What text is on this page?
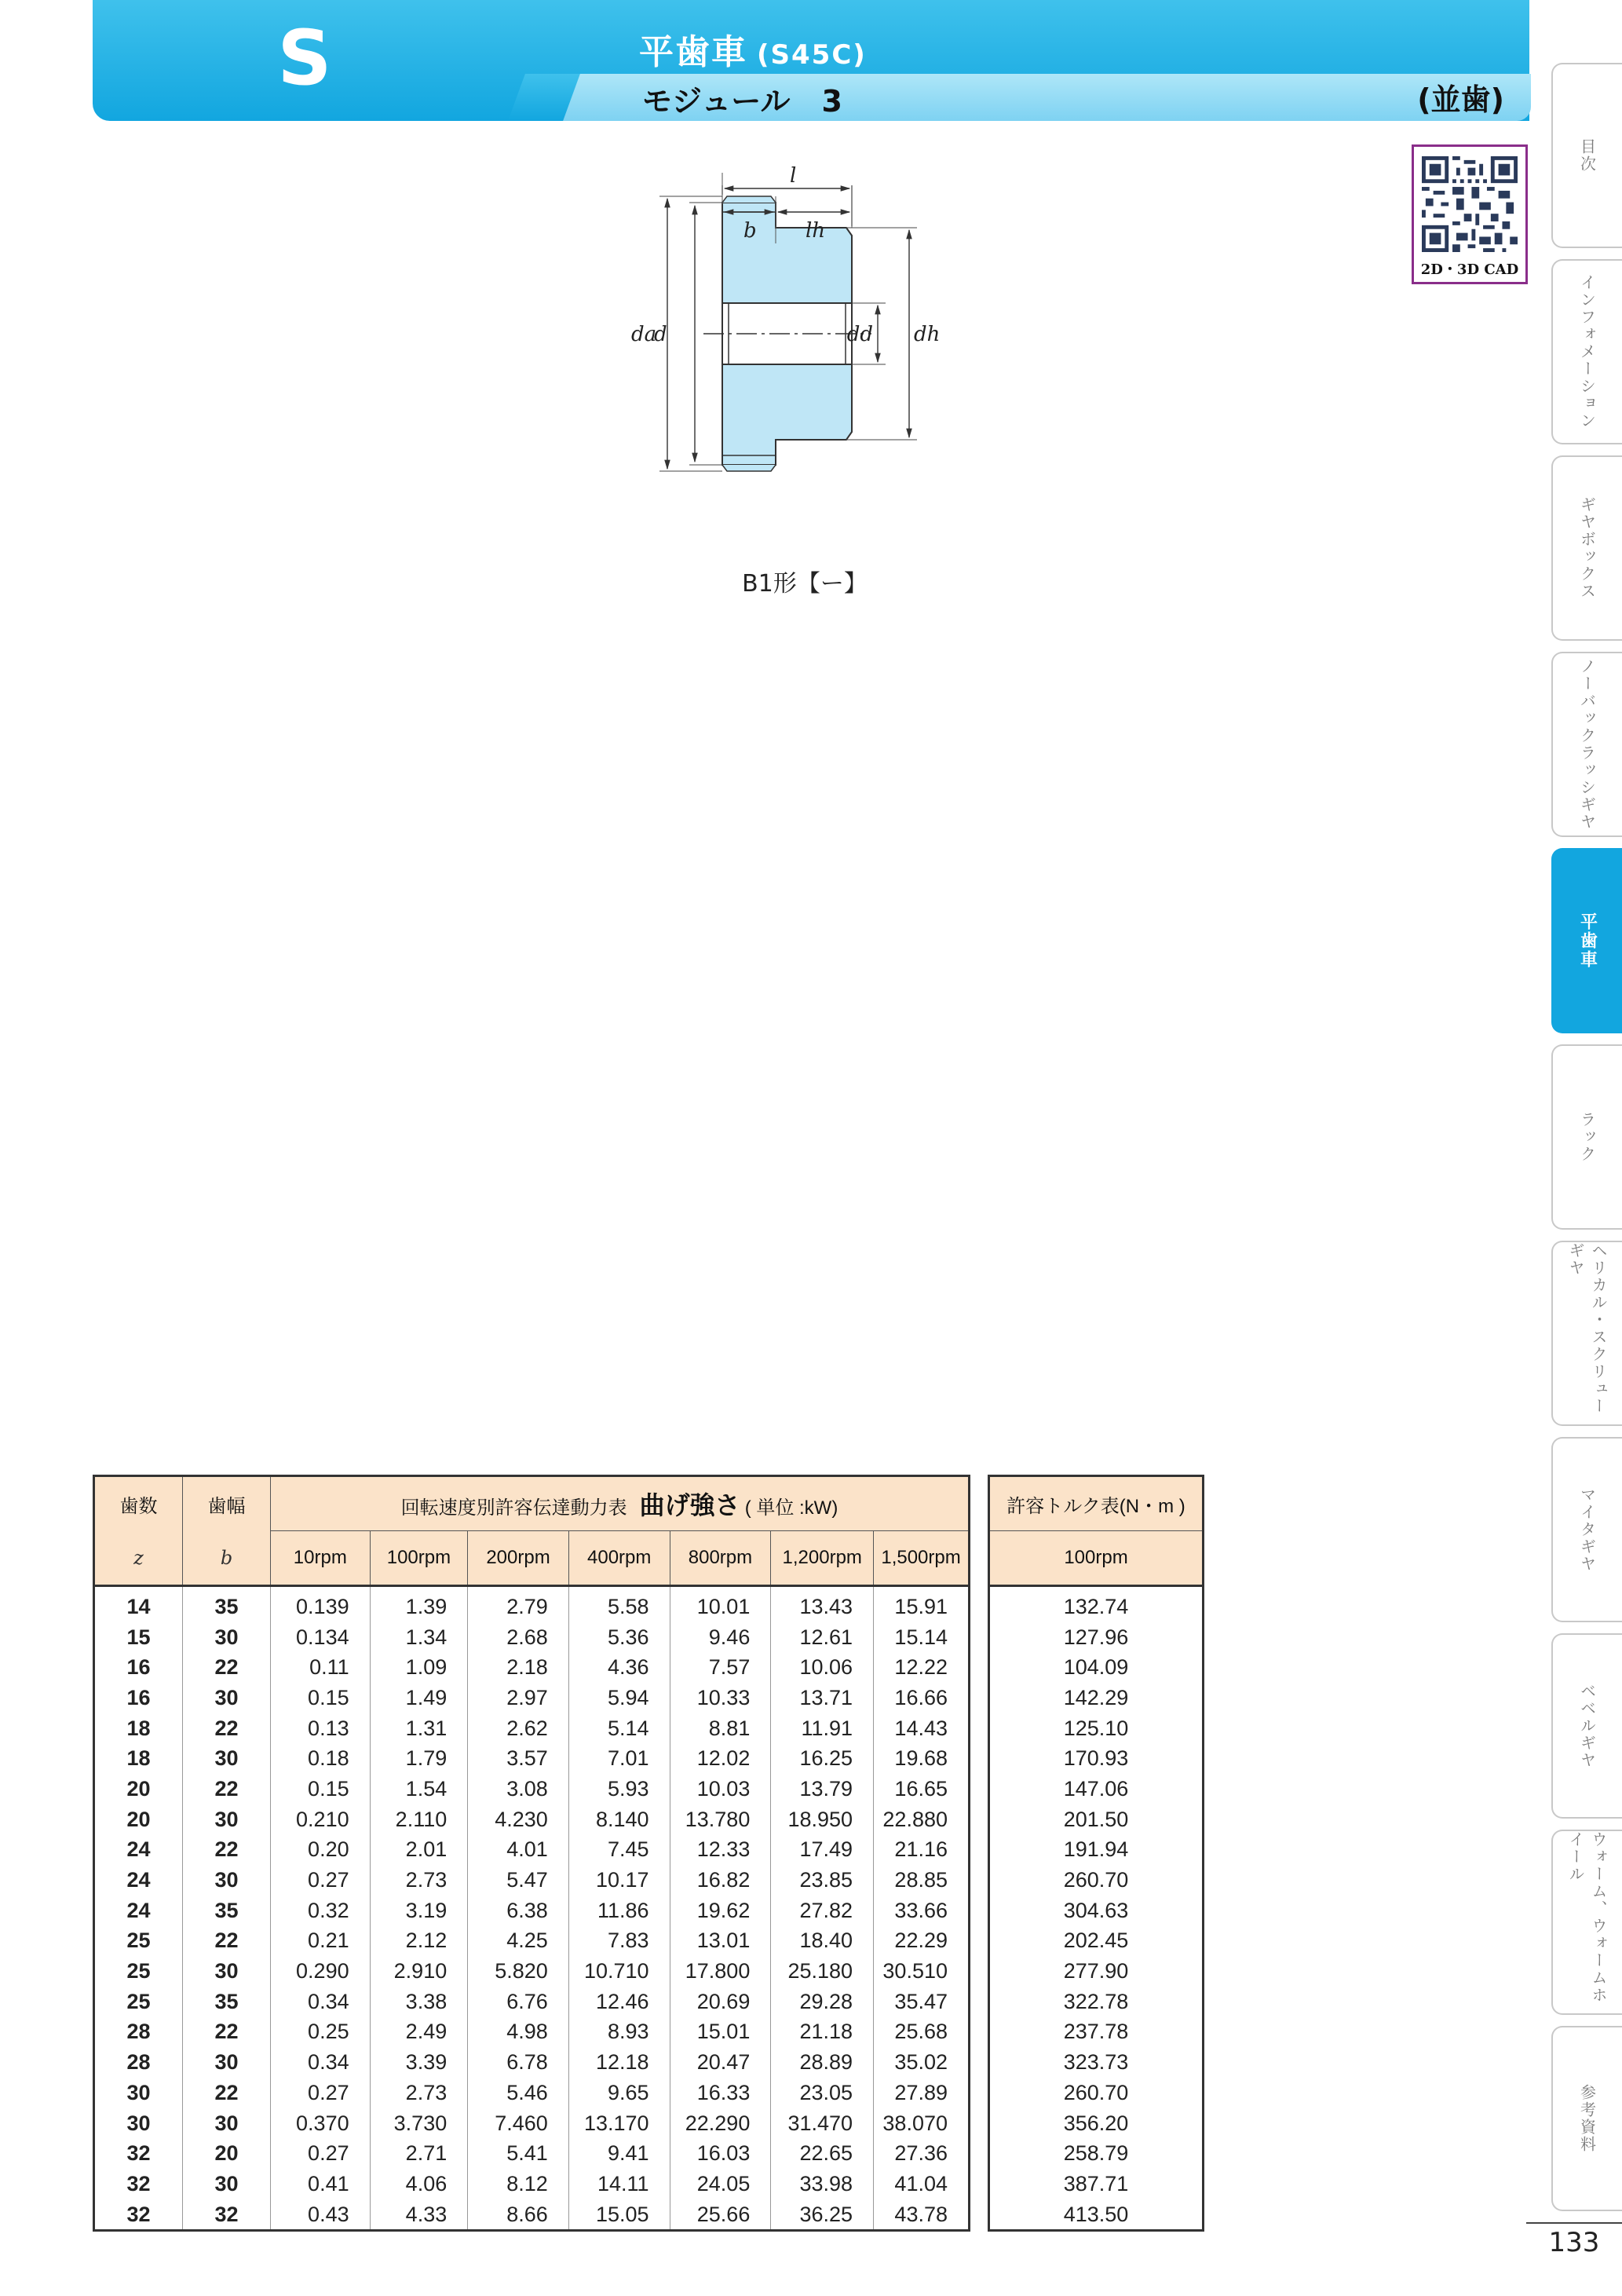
S	平歯車 (S45C)
モジュール 3	(並歯)
2D・3D CAD
l
b lh
da
d	dd dh
B1形【ー】
目次
インフォメーション
ギヤボックス
ノーバックラッシギヤ
平歯車
ラック
ヘリカル・スクリューギヤ
マイタギヤ
ベベルギヤ
ウォーム、ウォームホイール
参考資料
133
歯数	歯幅	回転速度別許容伝達動力表 曲げ強さ ( 単位 :kW)						
z	b	10rpm	100rpm	200rpm	400rpm	800rpm	1,200rpm	1,500rpm
14	35	0.139	1.39	2.79	5.58	10.01	13.43	15.91
15	30	0.134	1.34	2.68	5.36	9.46	12.61	15.14
16	22	0.11	1.09	2.18	4.36	7.57	10.06	12.22
16	30	0.15	1.49	2.97	5.94	10.33	13.71	16.66
18	22	0.13	1.31	2.62	5.14	8.81	11.91	14.43
18	30	0.18	1.79	3.57	7.01	12.02	16.25	19.68
20	22	0.15	1.54	3.08	5.93	10.03	13.79	16.65
20	30	0.210	2.110	4.230	8.140	13.780	18.950	22.880
24	22	0.20	2.01	4.01	7.45	12.33	17.49	21.16
24	30	0.27	2.73	5.47	10.17	16.82	23.85	28.85
24	35	0.32	3.19	6.38	11.86	19.62	27.82	33.66
25	22	0.21	2.12	4.25	7.83	13.01	18.40	22.29
25	30	0.290	2.910	5.820	10.710	17.800	25.180	30.510
25	35	0.34	3.38	6.76	12.46	20.69	29.28	35.47
28	22	0.25	2.49	4.98	8.93	15.01	21.18	25.68
28	30	0.34	3.39	6.78	12.18	20.47	28.89	35.02
30	22	0.27	2.73	5.46	9.65	16.33	23.05	27.89
30	30	0.370	3.730	7.460	13.170	22.290	31.470	38.070
32	20	0.27	2.71	5.41	9.41	16.03	22.65	27.36
32	30	0.41	4.06	8.12	14.11	24.05	33.98	41.04
32	32	0.43	4.33	8.66	15.05	25.66	36.25	43.78
許容トルク表(N・m )
100rpm
132.74
127.96
104.09
142.29
125.10
170.93
147.06
201.50
191.94
260.70
304.63
202.45
277.90
322.78
237.78
323.73
260.70
356.20
258.79
387.71
413.50
